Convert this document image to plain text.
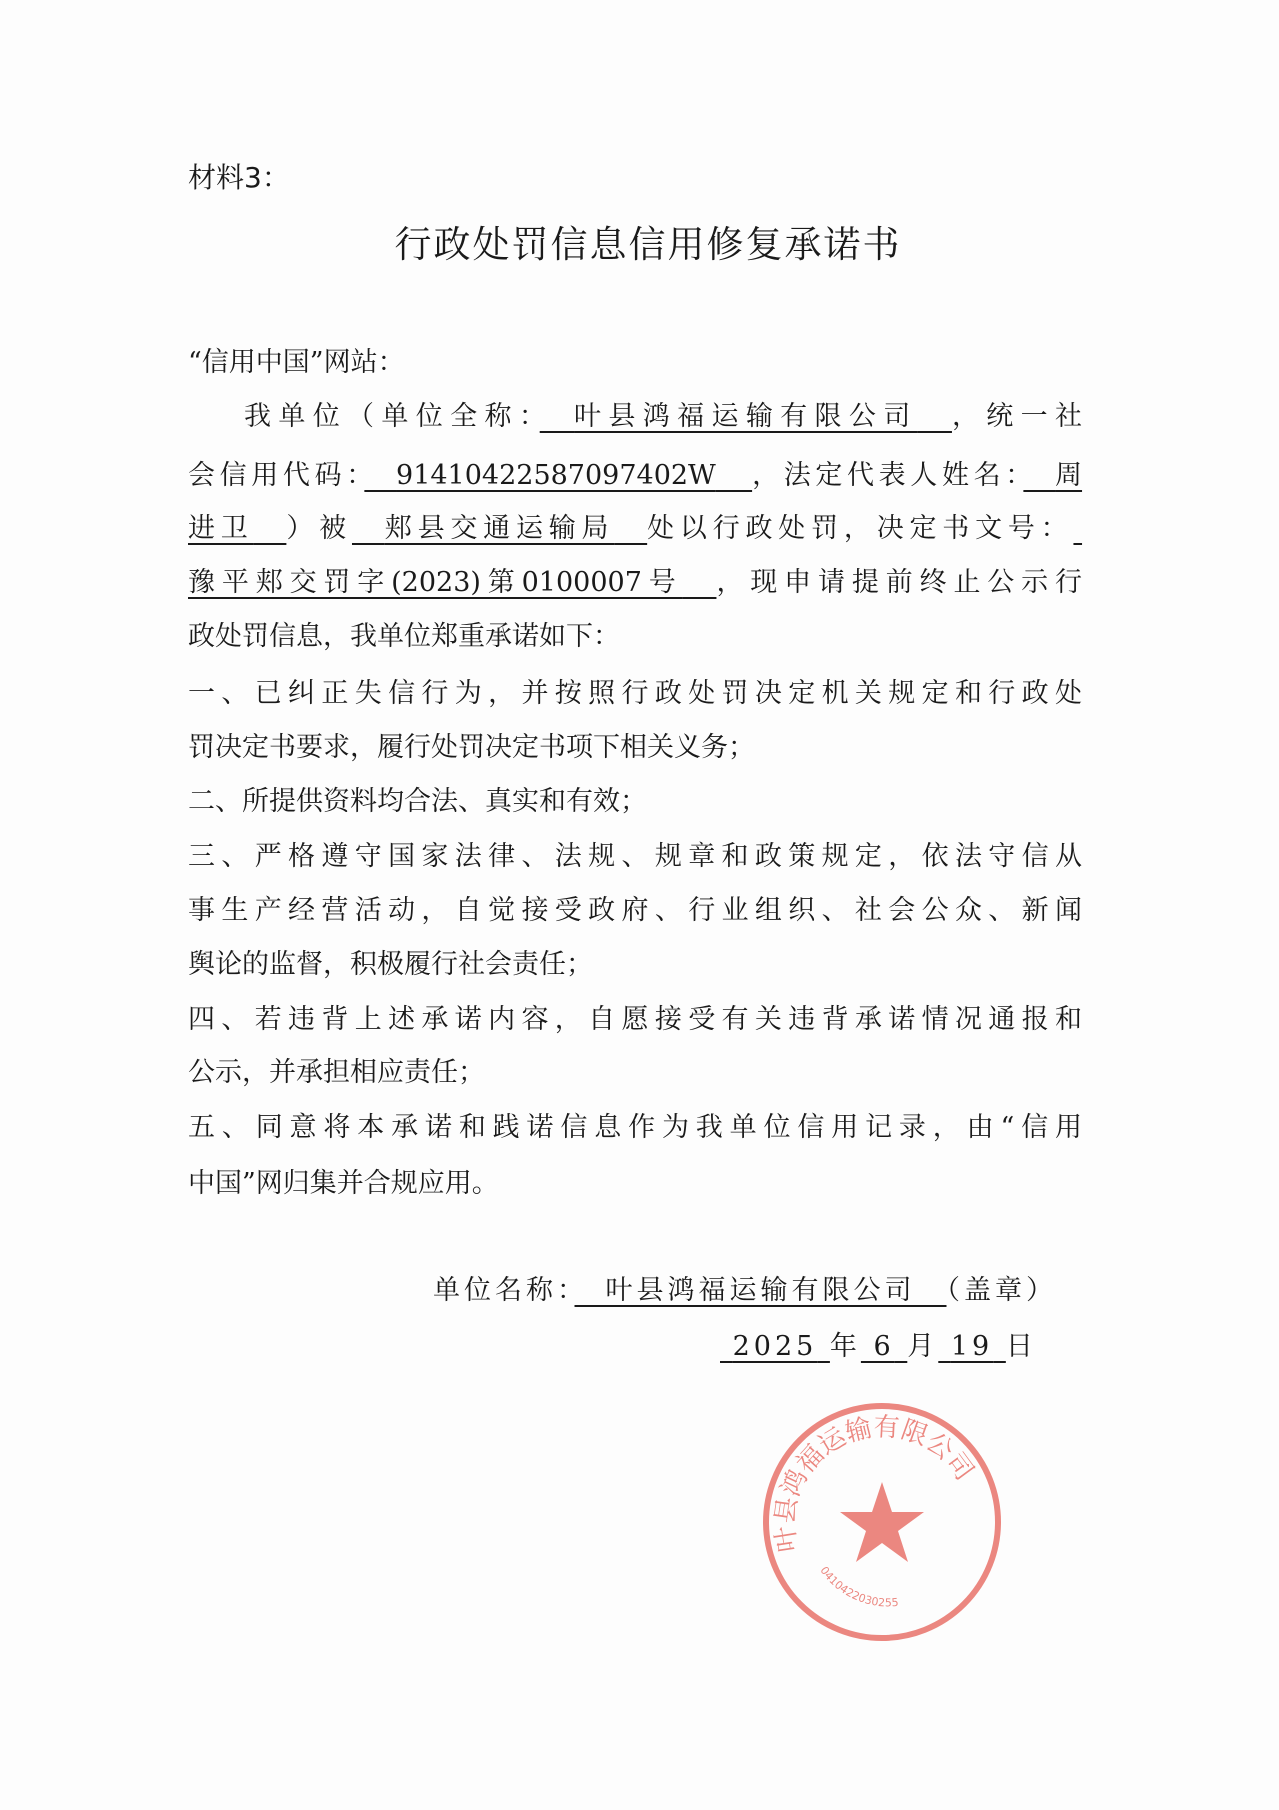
材料3：
行政处罚信息信用修复承诺书
“信用中国”网站：
我单位（单位全称：　 叶县鸿福运输有限公司　 ，统一社
会信用代码：　 91410422587097402W　 ，法定代表人姓名：　 周
进卫　 ）被　 郏县交通运输局　 处以行政处罚，决定书文号：
豫平郏交罚字(2023)第0100007号　 ，现申请提前终止公示行
政处罚信息，我单位郑重承诺如下：
一、已纠正失信行为，并按照行政处罚决定机关规定和行政处
罚决定书要求，履行处罚决定书项下相关义务；
二、所提供资料均合法、真实和有效；
三、严格遵守国家法律、法规、规章和政策规定，依法守信从
事生产经营活动，自觉接受政府、行业组织、社会公众、新闻
舆论的监督，积极履行社会责任；
四、若违背上述承诺内容，自愿接受有关违背承诺情况通报和
公示，并承担相应责任；
五、同意将本承诺和践诺信息作为我单位信用记录，由“信用
中国”网归集并合规应用。
单位名称：　 叶县鸿福运输有限公司　 （盖章）
2025 年 6 月 19 日
叶县鸿福运输有限公司
0410422030255
